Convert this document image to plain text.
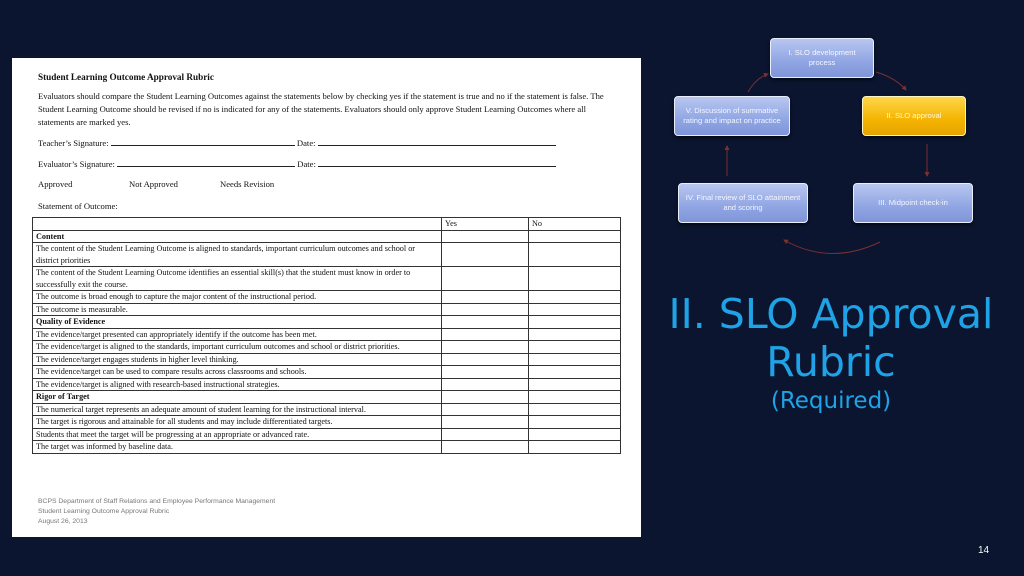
Student Learning Outcome Approval Rubric
Evaluators should compare the Student Learning Outcomes against the statements below by checking yes if the statement is true and no if the statement is false. The Student Learning Outcome should be revised if no is indicated for any of the statements. Evaluators should only approve Student Learning Outcomes where all statements are marked yes.
Teacher’s Signature:	Date:
Evaluator’s Signature:	Date:
Approved	Not Approved	Needs Revision
Statement of Outcome:
	Yes	No
Content		
The content of the Student Learning Outcome is aligned to standards, important curriculum outcomes and school or district priorities		
The content of the Student Learning Outcome identifies an essential skill(s) that the student must know in order to successfully exit the course.		
The outcome is broad enough to capture the major content of the instructional period.		
The outcome is measurable.		
Quality of Evidence		
The evidence/target presented can appropriately identify if the outcome has been met.		
The evidence/target is aligned to the standards, important curriculum outcomes and school or district priorities.		
The evidence/target engages students in higher level thinking.		
The evidence/target can be used to compare results across classrooms and schools.		
The evidence/target is aligned with research-based instructional strategies.		
Rigor of Target		
The numerical target represents an adequate amount of student learning for the instructional interval.		
The target is rigorous and attainable for all students and may include differentiated targets.		
Students that meet the target will be progressing at an appropriate or advanced rate.		
The target was informed by baseline data.		
BCPS Department of Staff Relations and Employee Performance Management
Student Learning Outcome Approval Rubric
August 26, 2013
I. SLO development process
II. SLO approval
III. Midpoint check-in
IV. Final review of SLO attainment and scoring
V. Discussion of summative rating and impact on practice
II. SLO Approval
Rubric
(Required)
14
